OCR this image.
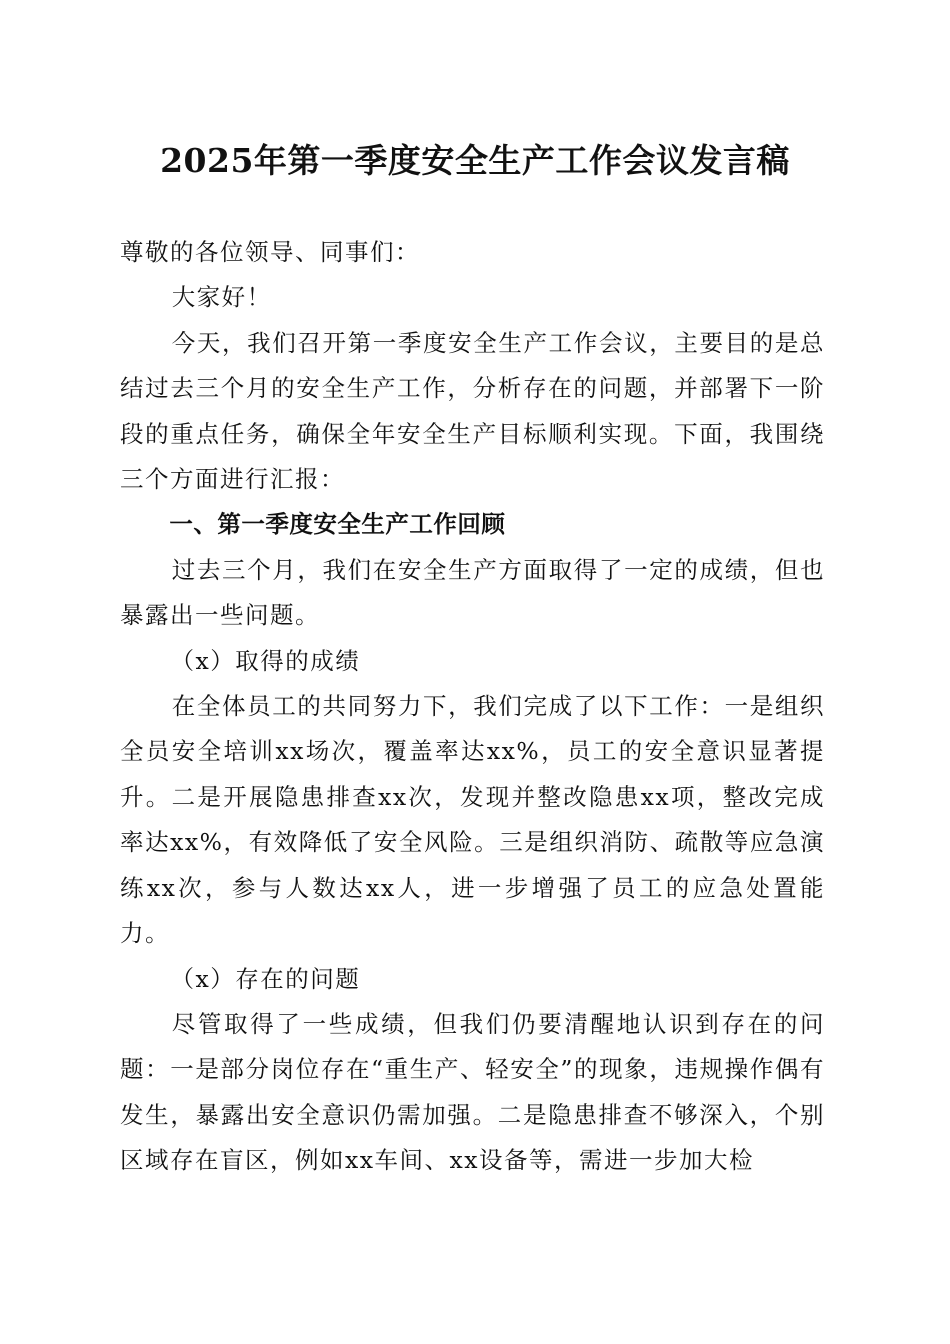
2025年第一季度安全生产工作会议发言稿

尊敬的各位领导、同事们：

大家好！

今天，我们召开第一季度安全生产工作会议，主要目的是总结过去三个月的安全生产工作，分析存在的问题，并部署下一阶段的重点任务，确保全年安全生产目标顺利实现。下面，我围绕三个方面进行汇报：

一、第一季度安全生产工作回顾

过去三个月，我们在安全生产方面取得了一定的成绩，但也暴露出一些问题。

（x）取得的成绩

在全体员工的共同努力下，我们完成了以下工作：一是组织全员安全培训xx场次，覆盖率达xx%，员工的安全意识显著提升。二是开展隐患排查xx次，发现并整改隐患xx项，整改完成率达xx%，有效降低了安全风险。三是组织消防、疏散等应急演练xx次，参与人数达xx人，进一步增强了员工的应急处置能力。

（x）存在的问题

尽管取得了一些成绩，但我们仍要清醒地认识到存在的问题：一是部分岗位存在“重生产、轻安全”的现象，违规操作偶有发生，暴露出安全意识仍需加强。二是隐患排查不够深入，个别区域存在盲区，例如xx车间、xx设备等，需进一步加大检
